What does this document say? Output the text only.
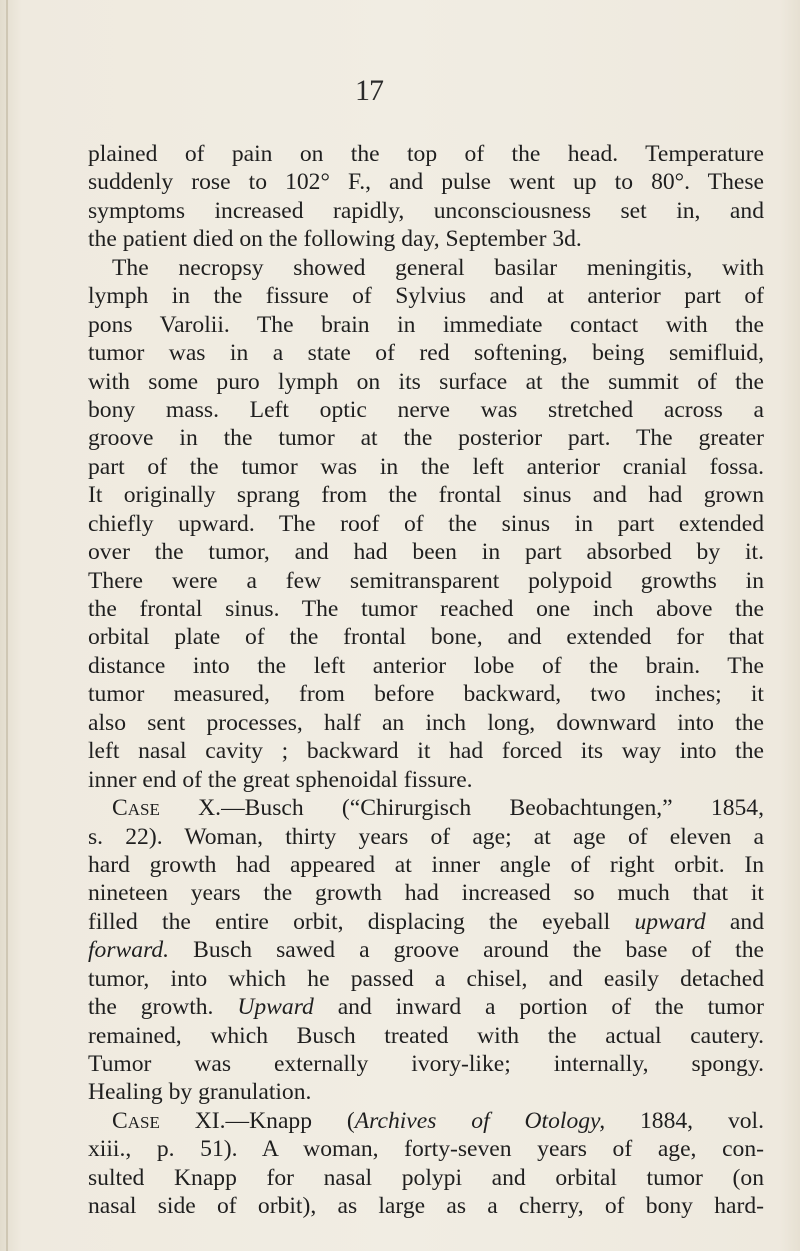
17
plained of pain on the top of the head. Temperature
suddenly rose to 102° F., and pulse went up to 80°. These
symptoms increased rapidly, unconsciousness set in, and
the patient died on the following day, September 3d.
The necropsy showed general basilar meningitis, with
lymph in the fissure of Sylvius and at anterior part of
pons Varolii. The brain in immediate contact with the
tumor was in a state of red softening, being semifluid,
with some puro lymph on its surface at the summit of the
bony mass. Left optic nerve was stretched across a
groove in the tumor at the posterior part. The greater
part of the tumor was in the left anterior cranial fossa.
It originally sprang from the frontal sinus and had grown
chiefly upward. The roof of the sinus in part extended
over the tumor, and had been in part absorbed by it.
There were a few semitransparent polypoid growths in
the frontal sinus. The tumor reached one inch above the
orbital plate of the frontal bone, and extended for that
distance into the left anterior lobe of the brain. The
tumor measured, from before backward, two inches; it
also sent processes, half an inch long, downward into the
left nasal cavity ; backward it had forced its way into the
inner end of the great sphenoidal fissure.
Case X.—Busch (“Chirurgisch Beobachtungen,” 1854,
s. 22). Woman, thirty years of age; at age of eleven a
hard growth had appeared at inner angle of right orbit. In
nineteen years the growth had increased so much that it
filled the entire orbit, displacing the eyeball upward and
forward. Busch sawed a groove around the base of the
tumor, into which he passed a chisel, and easily detached
the growth. Upward and inward a portion of the tumor
remained, which Busch treated with the actual cautery.
Tumor was externally ivory-like; internally, spongy.
Healing by granulation.
Case XI.—Knapp (Archives of Otology, 1884, vol.
xiii., p. 51). A woman, forty-seven years of age, con-
sulted Knapp for nasal polypi and orbital tumor (on
nasal side of orbit), as large as a cherry, of bony hard-
